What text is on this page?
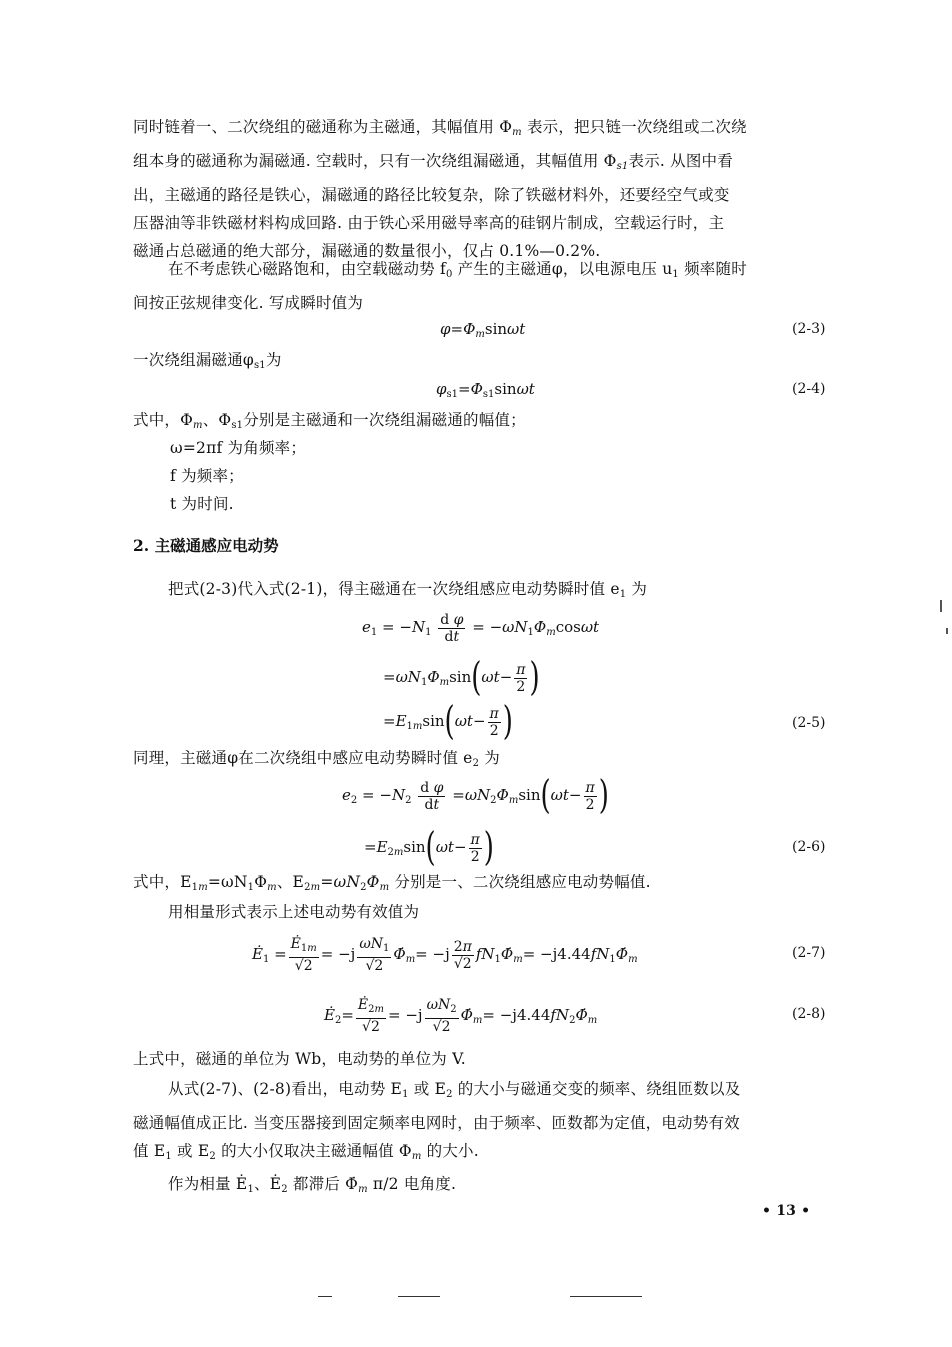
同时链着一、二次绕组的磁通称为主磁通，其幅值用 $\Phi_m$ 表示，把只链一次绕组或二次绕
组本身的磁通称为漏磁通. 空载时，只有一次绕组漏磁通，其幅值用 $\Phi_{s1}$表示. 从图中看
出，主磁通的路径是铁心，漏磁通的路径比较复杂，除了铁磁材料外，还要经空气或变
压器油等非铁磁材料构成回路. 由于铁心采用磁导率高的硅钢片制成，空载运行时，主
磁通占总磁通的绝大部分，漏磁通的数量很小，仅占 0.1%—0.2%.
在不考虑铁心磁路饱和，由空载磁动势 $f_0$ 产生的主磁通φ，以电源电压 $u_1$ 频率随时
间按正弦规律变化. 写成瞬时值为
$\varphi=\Phi_m\sin\omega t$	(2-3)
一次绕组漏磁通$\varphi_{s1}$为
$\varphi_{s1}=\Phi_{s1}\sin\omega t$	(2-4)
式中，$\Phi_m$、$\Phi_{s1}$分别是主磁通和一次绕组漏磁通的幅值；
ω=2πf 为角频率；
f 为频率；
t 为时间.
2. 主磁通感应电动势
把式(2-3)代入式(2-1)，得主磁通在一次绕组感应电动势瞬时值 $e_1$ 为
$e_1 = -N_1 \frac{\text{d φ}}{dt} = -\omega N_1\Phi_m\cos\omega t$
$=\omega N_1\Phi_m\sin(\omega t- \frac{\pi}{2}$ )
$=E_{1m}\sin(\omega t- \frac{\pi}{2}$ )	(2-5)
同理，主磁通φ在二次绕组中感应电动势瞬时值 $e_2$ 为
$e_2 = -N_2 \frac{\text{d φ}}{dt} =\omega N_2\Phi_m\sin(\omega t- \frac{\pi}{2}$ )
$=E_{2m}\sin(\omega t- \frac{\pi}{2}$ )	(2-6)
式中，$E_{1m}=\omega N_1\Phi_m$、$E_{2m}=\omega N_2\Phi_m$ 分别是一、二次绕组感应电动势幅值.
用相量形式表示上述电动势有效值为
$Ė_1 = \frac{Ė_{1m}}{√2} = -j \frac{\omega N_1}{√2}$ $\Phi̇_m= -j \frac{2\pi}{√2}$ $fN_1\Phi̇_m=$ $-j4.44fN_1\Phi̇_m$	(2-7)
$Ė_2= \frac{Ė_{2m}}{√2} = -j \frac{\omega N_2}{√2}$ $\Phi̇_m=$ $-j4.44fN_2\Phi̇_m$	(2-8)
上式中，磁通的单位为 Wb，电动势的单位为 V.
从式(2-7)、(2-8)看出，电动势 $E_1$ 或 $E_2$ 的大小与磁通交变的频率、绕组匝数以及
磁通幅值成正比. 当变压器接到固定频率电网时，由于频率、匝数都为定值，电动势有效
值 $E_1$ 或 $E_2$ 的大小仅取决主磁通幅值 $\Phi_m$ 的大小.
作为相量 $Ė_1$、$Ė_2$ 都滞后 $\Phi̇_m$ π/2 电角度.
• 13 •
